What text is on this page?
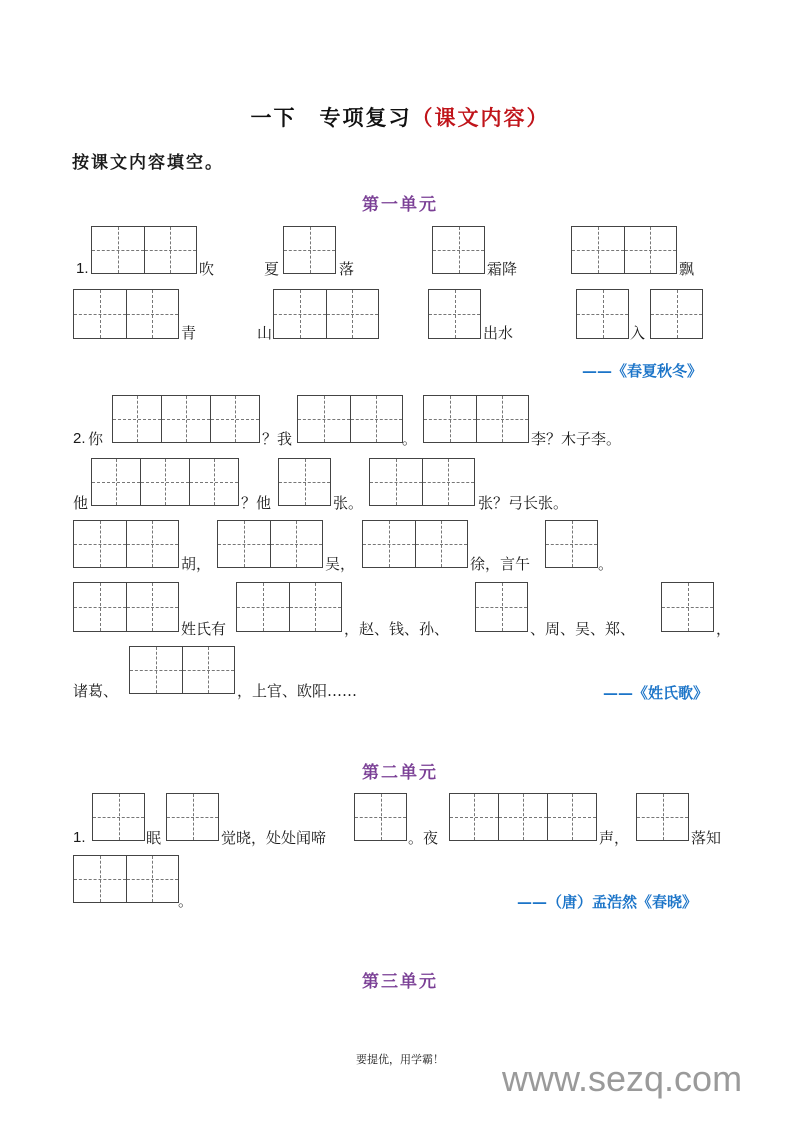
一下　专项复习（课文内容）
按课文内容填空。
第一单元
1.	吹	夏	落	霜降	飘
青	山	出水	入
——《春夏秋冬》
2. 你	？我	。	李？木子李。
他	？他	张。	张？弓长张。
胡，	吴，	徐，言午	。
姓氏有	，赵、钱、孙、	、周、吴、郑、	，
诸葛、	，上官、欧阳……	——《姓氏歌》
第二单元
1.	眠	觉晓，处处闻啼	。夜	声，	落知
。	——（唐）孟浩然《春晓》
第三单元
要提优，用学霸！	www.sezq.com
